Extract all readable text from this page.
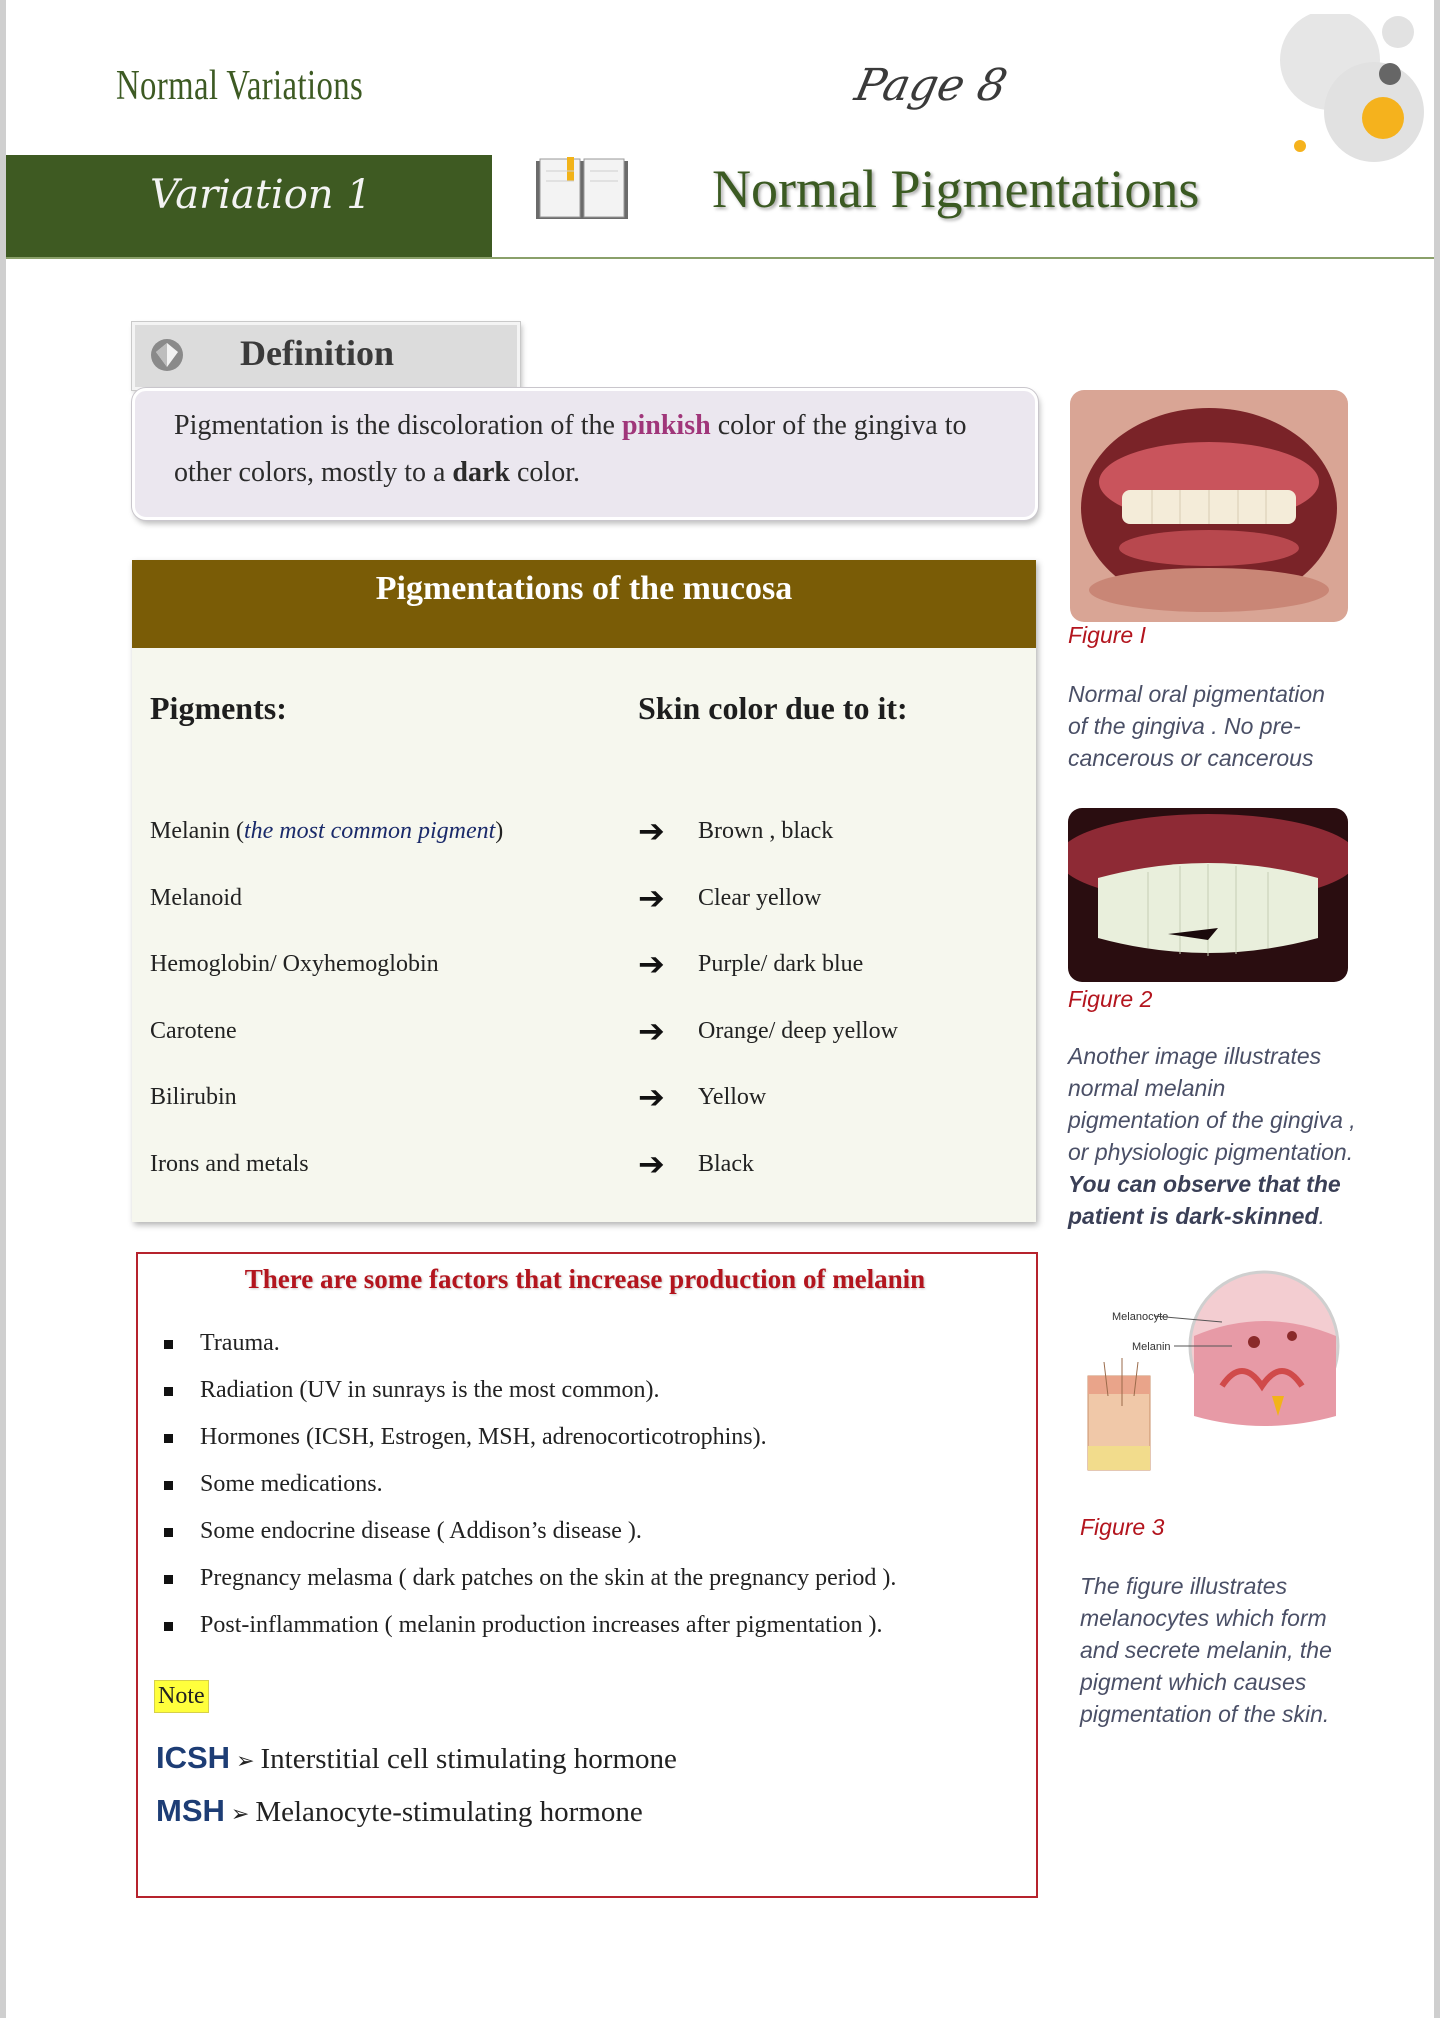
Normal Variations	Page 8
Variation 1	Normal Pigmentations
Definition
Pigmentation is the discoloration of the pinkish color of the gingiva to other colors, mostly to a dark color.
Pigmentations of the mucosa
Pigments:	Skin color due to it:
Melanin (the most common pigment)	➔ Brown , black
Melanoid	➔ Clear yellow
Hemoglobin/ Oxyhemoglobin	➔ Purple/ dark blue
Carotene	➔ Orange/ deep yellow
Bilirubin	➔ Yellow
Irons and metals	➔ Black
There are some factors that increase production of melanin
Trauma.
Radiation (UV in sunrays is the most common).
Hormones (ICSH, Estrogen, MSH, adrenocorticotrophins).
Some medications.
Some endocrine disease ( Addison’s disease ).
Pregnancy melasma ( dark patches on the skin at the pregnancy period ).
Post-inflammation ( melanin production increases after pigmentation ).
Note
ICSH ➢ Interstitial cell stimulating hormone
MSH ➢ Melanocyte-stimulating hormone
Figure I
Normal oral pigmentation of the gingiva . No pre-cancerous or cancerous
Figure 2
Another image illustrates normal melanin pigmentation of the gingiva , or physiologic pigmentation. You can observe that the patient is dark-skinned.
Melanocyte
Melanin
Figure 3
The figure illustrates melanocytes which form and secrete melanin, the pigment which causes pigmentation of the skin.
